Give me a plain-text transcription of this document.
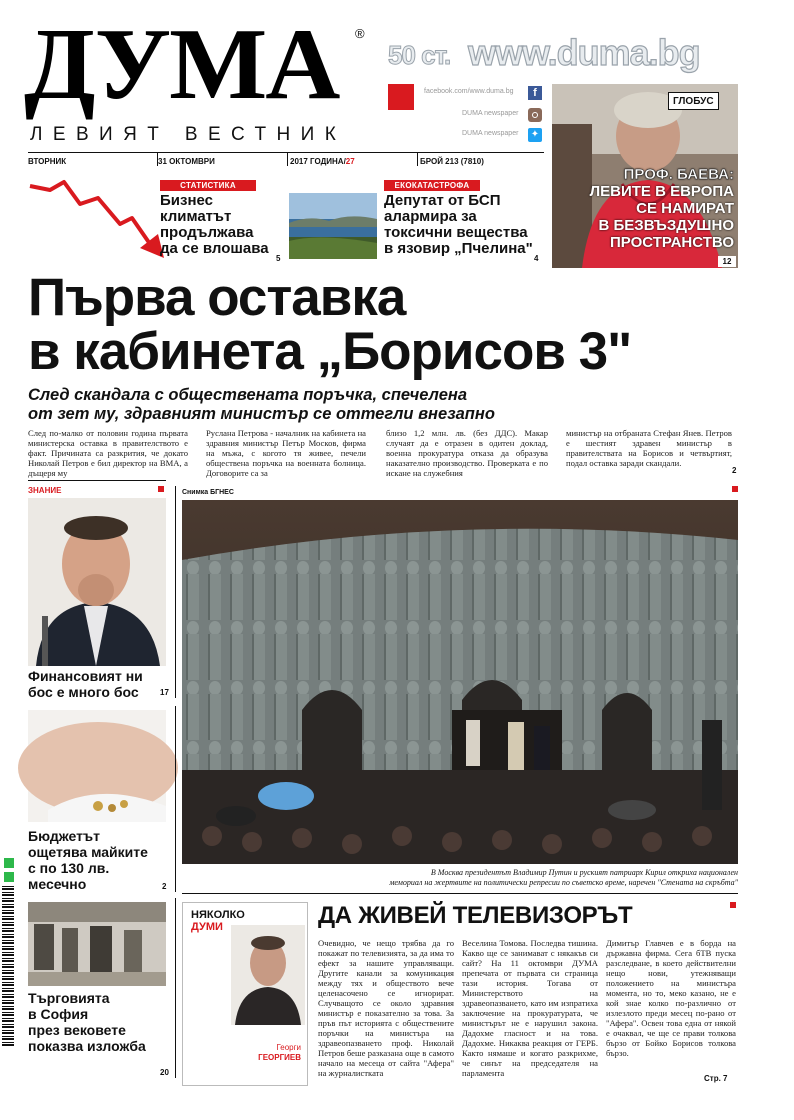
ДУМА ®
ЛЕВИЯТ ВЕСТНИК
50 ст. www.duma.bg
facebook.com/www.duma.bg	f
DUMA newspaper
DUMA newspaper ✦
ВТОРНИК	31 ОКТОМВРИ	2017 ГОДИНА/27	БРОЙ 213 (7810)
ГЛОБУС
ПРОФ. БАЕВА:
ЛЕВИТЕ В ЕВРОПА
СЕ НАМИРАТ
В БЕЗВЪЗДУШНО
ПРОСТРАНСТВО
12
СТАТИСТИКА
Бизнес
климатът
продължава
да се влошава
5
ЕКОКАТАСТРОФА
Депутат от БСП
алармира за
токсични вещества
в язовир „Пчелина"
4
Първа оставка
в кабинета „Борисов 3"
След скандала с обществената поръчка, спечелена
от зет му, здравният министър се оттегли внезапно
След по-малко от половин година първата министерска оставка в правителството е факт. Причината са разкрития, че докато Николай Петров е бил директор на ВМА, а дъщеря му
Руслана Петрова - началник на кабинета на здравния министър Петър Москов, фирма на мъжа, с когото тя живее, печели обществена поръчка на военната болница. Договорите са за
близо 1,2 млн. лв. (без ДДС). Макар случаят да е отразен в одитен доклад, военна прокуратура отказа да образува наказателно производство. Проверката е по искане на служебния
министър на отбраната Стефан Янев. Петров е шестият здравен министър в правителствата на Борисов и четвъртият, подал оставка заради скандали.
2
ЗНАНИЕ
Финансовият ни
бос е много бос	17
Бюджетът
ощетява майките
с по 130 лв.
месечно	2
Търговията
в София
през вековете
показва изложба
20
Снимка БГНЕС
В Москва президентът Владимир Путин и руският патриарх Кирил откриха национален
мемориал на жертвите на политически репресии по съветско време, наречен "Стената на скръбта"
НЯКОЛКО
ДУМИ
Георги
ГЕОРГИЕВ
ДА ЖИВЕЙ ТЕЛЕВИЗОРЪТ
Очевидно, че нещо трябва да го покажат по телевизията, за да има то ефект за нашите управляващи. Другите канали за комуникация между тях и обществото вече целенасочено се игнорират. Случващото се около здравния министър е показателно за това. За пръв път историята с обществените поръчки на министъра на здравеопазването проф. Николай Петров беше разказана още в самото начало на месеца от сайта "Афера" на журналистката
Веселина Томова. Последва тишина. Какво ще се занимават с някакъв си сайт? На 11 октомври ДУМА препечата от първата си страница тази история. Тогава от Министерството на здравеопазването, като им изпратиха заключение на прокуратурата, че министърът не е нарушил закона. Дадохме гласност и на това. Дадохме. Никаква реакция от ГЕРБ. Както нямаше и когато разкрихме, че синът на председателя на парламента
Димитър Главчев е в борда на държавна фирма. Сега бТВ пуска разследване, в което действителни нещо нови, утежняващи положението на министъра момента, но то, меко казано, не е кой знае колко по-различно от излезлото преди месец по-рано от "Афера". Освен това една от някой е очаквал, че ще се прави толкова бързо от Бойко Борисов толкова бързо.
Стр. 7
